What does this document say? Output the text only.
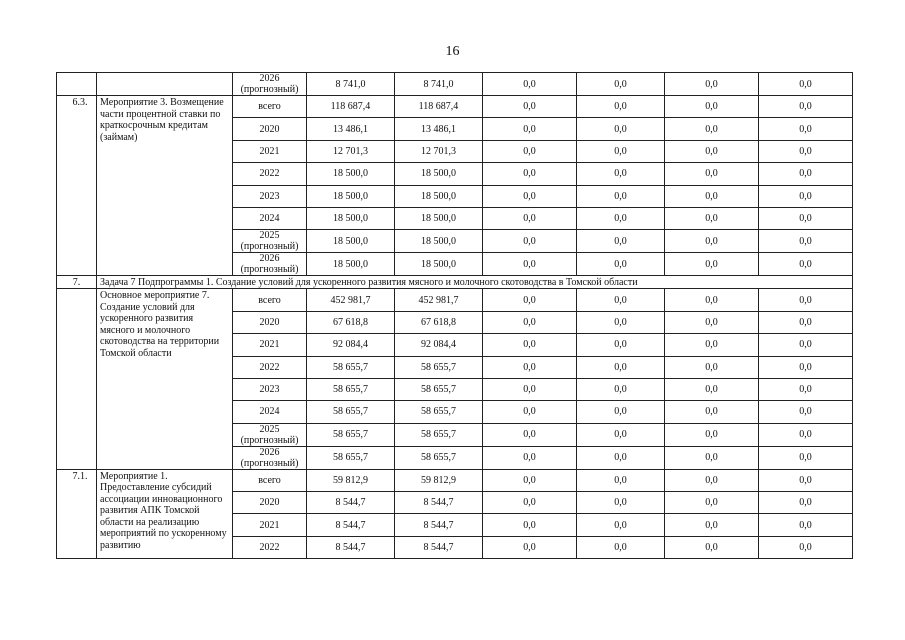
16
		2026 (прогнозный)	8 741,0	8 741,0	0,0	0,0	0,0	0,0
6.3.	Мероприятие 3. Возмещение части процентной ставки по краткосрочным кредитам (займам)	всего	118 687,4	118 687,4	0,0	0,0	0,0	0,0
		2020	13 486,1	13 486,1	0,0	0,0	0,0	0,0
		2021	12 701,3	12 701,3	0,0	0,0	0,0	0,0
		2022	18 500,0	18 500,0	0,0	0,0	0,0	0,0
		2023	18 500,0	18 500,0	0,0	0,0	0,0	0,0
		2024	18 500,0	18 500,0	0,0	0,0	0,0	0,0
		2025 (прогнозный)	18 500,0	18 500,0	0,0	0,0	0,0	0,0
		2026 (прогнозный)	18 500,0	18 500,0	0,0	0,0	0,0	0,0
7.	Задача 7 Подпрограммы 1. Создание условий для ускоренного развития мясного и молочного скотоводства в Томской области							
	Основное мероприятие 7. Создание условий для ускоренного развития мясного и молочного скотоводства на территории Томской области	всего	452 981,7	452 981,7	0,0	0,0	0,0	0,0
		2020	67 618,8	67 618,8	0,0	0,0	0,0	0,0
		2021	92 084,4	92 084,4	0,0	0,0	0,0	0,0
		2022	58 655,7	58 655,7	0,0	0,0	0,0	0,0
		2023	58 655,7	58 655,7	0,0	0,0	0,0	0,0
		2024	58 655,7	58 655,7	0,0	0,0	0,0	0,0
		2025 (прогнозный)	58 655,7	58 655,7	0,0	0,0	0,0	0,0
		2026 (прогнозный)	58 655,7	58 655,7	0,0	0,0	0,0	0,0
7.1.	Мероприятие 1. Предоставление субсидий ассоциации инновационного развития АПК Томской области на реализацию мероприятий по ускоренному развитию	всего	59 812,9	59 812,9	0,0	0,0	0,0	0,0
		2020	8 544,7	8 544,7	0,0	0,0	0,0	0,0
		2021	8 544,7	8 544,7	0,0	0,0	0,0	0,0
		2022	8 544,7	8 544,7	0,0	0,0	0,0	0,0
